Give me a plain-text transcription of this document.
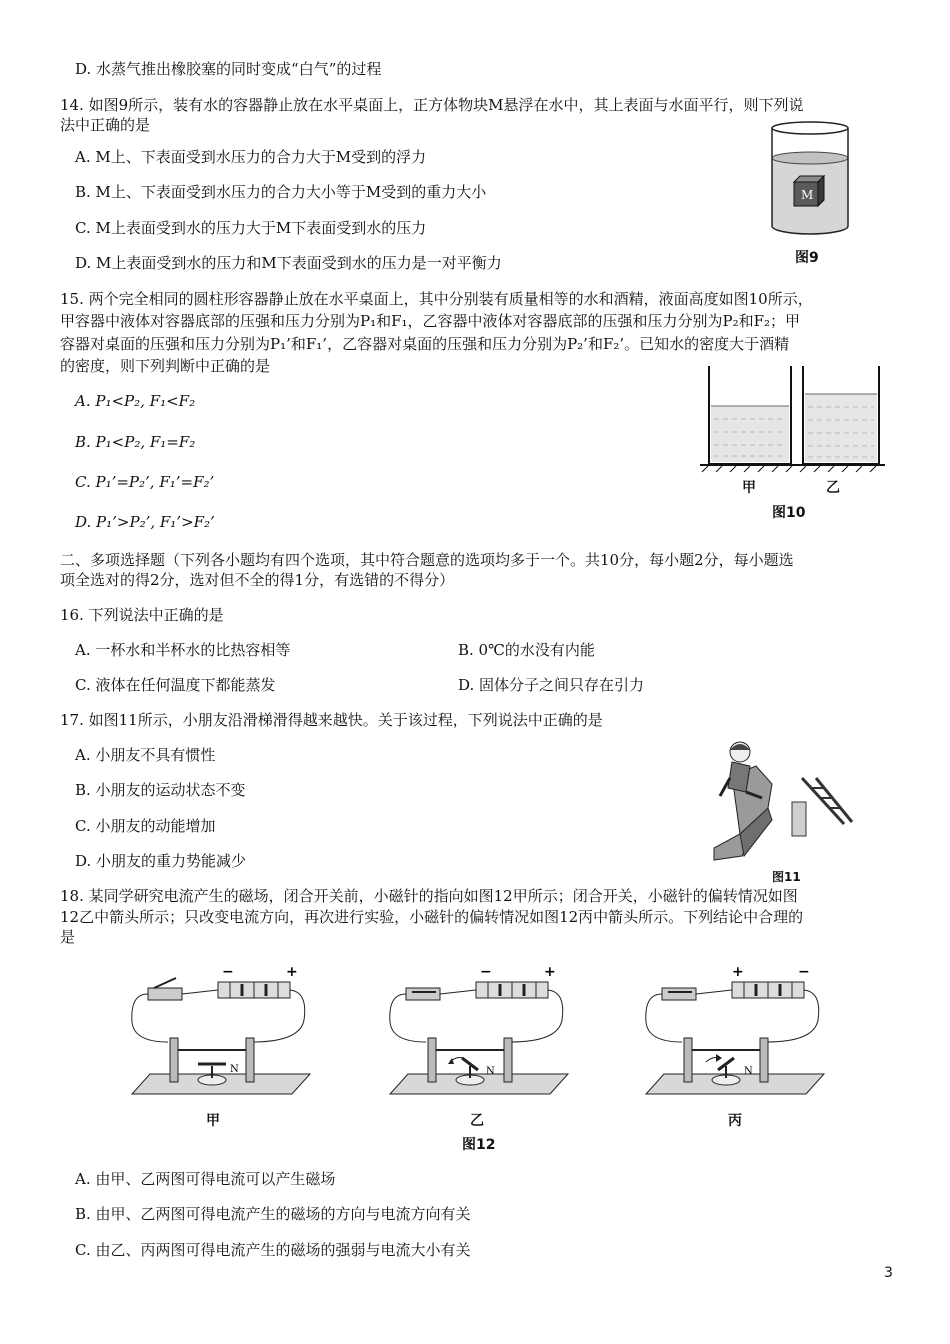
D. 水蒸气推出橡胶塞的同时变成“白气”的过程
14. 如图9所示，装有水的容器静止放在水平桌面上，正方体物块M悬浮在水中，其上表面与水面平行，则下列说
法中正确的是
A. M上、下表面受到水压力的合力大于M受到的浮力
B. M上、下表面受到水压力的合力大小等于M受到的重力大小
C. M上表面受到水的压力大于M下表面受到水的压力
D. M上表面受到水的压力和M下表面受到水的压力是一对平衡力
M
图9
15. 两个完全相同的圆柱形容器静止放在水平桌面上，其中分别装有质量相等的水和酒精，液面高度如图10所示，
甲容器中液体对容器底部的压强和压力分别为P₁和F₁，乙容器中液体对容器底部的压强和压力分别为P₂和F₂；甲
容器对桌面的压强和压力分别为P₁’和F₁’，乙容器对桌面的压强和压力分别为P₂’和F₂’。已知水的密度大于酒精
的密度，则下列判断中正确的是
A. P₁<P₂, F₁<F₂
B. P₁<P₂, F₁=F₂
C. P₁’=P₂’, F₁’=F₂’
D. P₁’>P₂’, F₁’>F₂’
甲	乙
图10
二、多项选择题（下列各小题均有四个选项，其中符合题意的选项均多于一个。共10分，每小题2分，每小题选
项全选对的得2分，选对但不全的得1分，有选错的不得分）
16. 下列说法中正确的是
A. 一杯水和半杯水的比热容相等	B. 0℃的水没有内能
C. 液体在任何温度下都能蒸发	D. 固体分子之间只存在引力
17. 如图11所示，小朋友沿滑梯滑得越来越快。关于该过程，下列说法中正确的是
A. 小朋友不具有惯性
B. 小朋友的运动状态不变
C. 小朋友的动能增加
D. 小朋友的重力势能减少
图11
18. 某同学研究电流产生的磁场，闭合开关前，小磁针的指向如图12甲所示；闭合开关，小磁针的偏转情况如图
12乙中箭头所示；只改变电流方向，再次进行实验，小磁针的偏转情况如图12丙中箭头所示。下列结论中合理的
是
−	+
N
−	+
N
+	−
N
甲	乙	丙
图12
A. 由甲、乙两图可得电流可以产生磁场
B. 由甲、乙两图可得电流产生的磁场的方向与电流方向有关
C. 由乙、丙两图可得电流产生的磁场的强弱与电流大小有关
3
